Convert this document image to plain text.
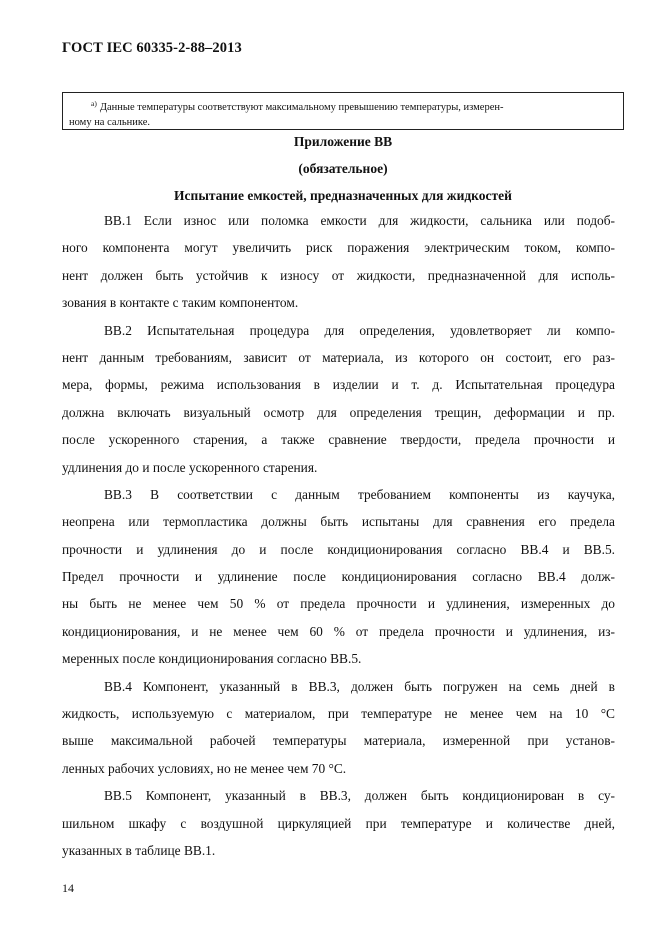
ГОСТ IEC 60335-2-88–2013
$^{а)}$ Данные температуры соответствуют максимальному превышению температуры, измерен-
ному на сальнике.
Приложение ВВ
(обязательное)
Испытание емкостей, предназначенных для жидкостей
ВВ.1 Если износ или поломка емкости для жидкости, сальника или подоб-
ного компонента могут увеличить риск поражения электрическим током, компо-
нент должен быть устойчив к износу от жидкости, предназначенной для исполь-
зования в контакте с таким компонентом.
ВВ.2 Испытательная процедура для определения, удовлетворяет ли компо-
нент данным требованиям, зависит от материала, из которого он состоит, его раз-
мера, формы, режима использования в изделии и т. д. Испытательная процедура
должна включать визуальный осмотр для определения трещин, деформации и пр.
после ускоренного старения, а также сравнение твердости, предела прочности и
удлинения до и после ускоренного старения.
ВВ.3 В соответствии с данным требованием компоненты из каучука,
неопрена или термопластика должны быть испытаны для сравнения его предела
прочности и удлинения до и после кондиционирования согласно ВВ.4 и ВВ.5.
Предел прочности и удлинение после кондиционирования согласно ВВ.4 долж-
ны быть не менее чем 50 % от предела прочности и удлинения, измеренных до
кондиционирования, и не менее чем 60 % от предела прочности и удлинения, из-
меренных после кондиционирования согласно ВВ.5.
ВВ.4 Компонент, указанный в ВВ.3, должен быть погружен на семь дней в
жидкость, используемую с материалом, при температуре не менее чем на 10 °С
выше максимальной рабочей температуры материала, измеренной при установ-
ленных рабочих условиях, но не менее чем 70 °С.
ВВ.5 Компонент, указанный в ВВ.3, должен быть кондиционирован в су-
шильном шкафу с воздушной циркуляцией при температуре и количестве дней,
указанных в таблице ВВ.1.
14
